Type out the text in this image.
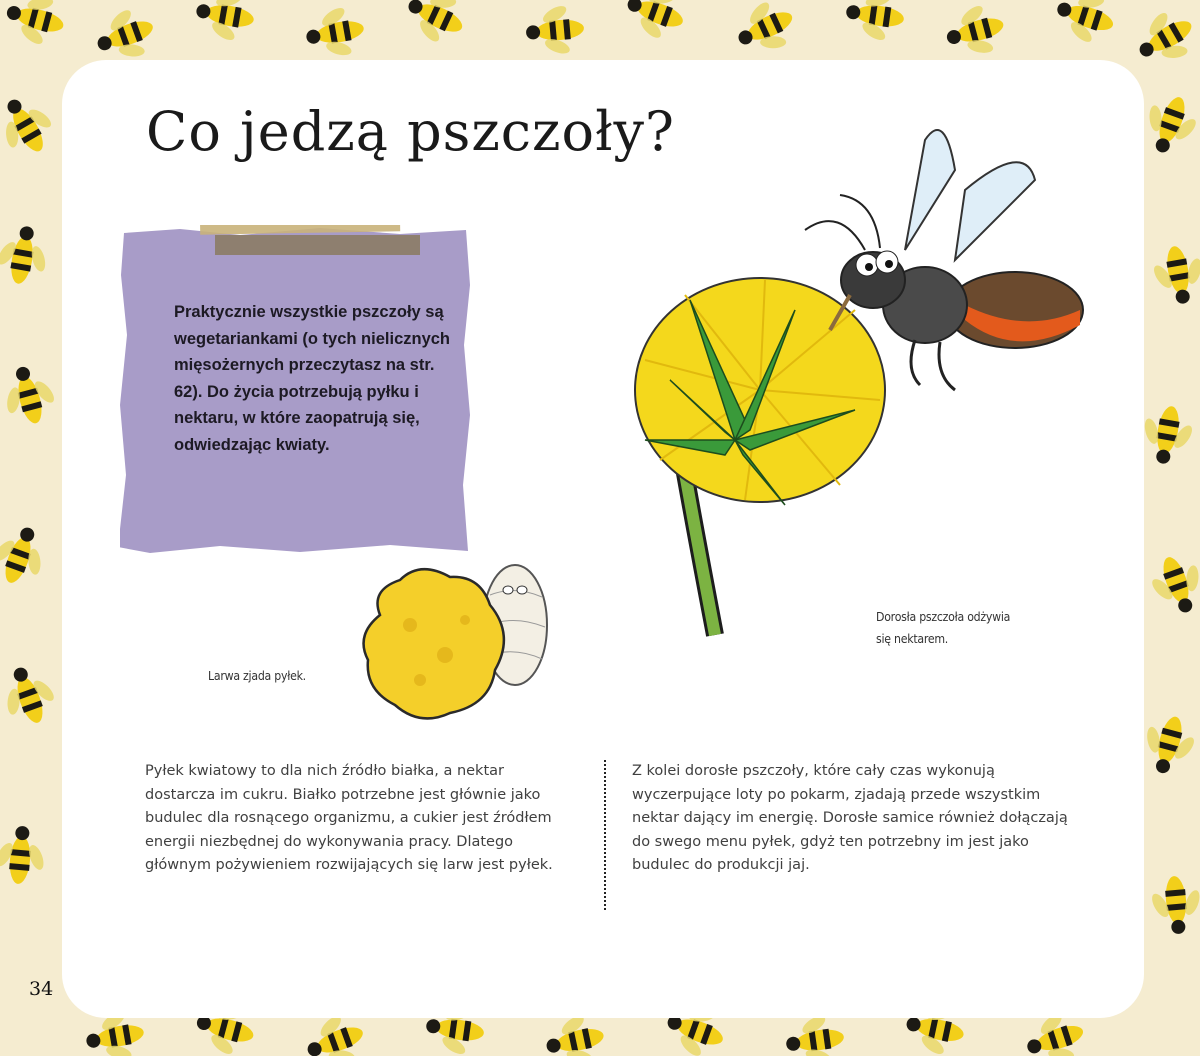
Co jedzą pszczoły?
Praktycznie wszystkie pszczoły są wegetariankami (o tych nielicznych mięsożernych przeczytasz na str. 62). Do życia potrzebują pyłku i nektaru, w które zaopatrują się, odwiedzając kwiaty.
Larwa zjada pyłek.
Dorosła pszczoła odżywia się nektarem.
Pyłek kwiatowy to dla nich źródło białka, a nektar dostarcza im cukru. Białko potrzebne jest głównie jako budulec dla rosnącego organizmu, a cukier jest źródłem energii niezbędnej do wykonywania pracy. Dlatego głównym pożywieniem rozwijających się larw jest pyłek.
Z kolei dorosłe pszczoły, które cały czas wykonują wyczerpujące loty po pokarm, zjadają przede wszystkim nektar dający im energię. Dorosłe samice również dołączają do swego menu pyłek, gdyż ten potrzebny im jest jako budulec do produkcji jaj.
34
